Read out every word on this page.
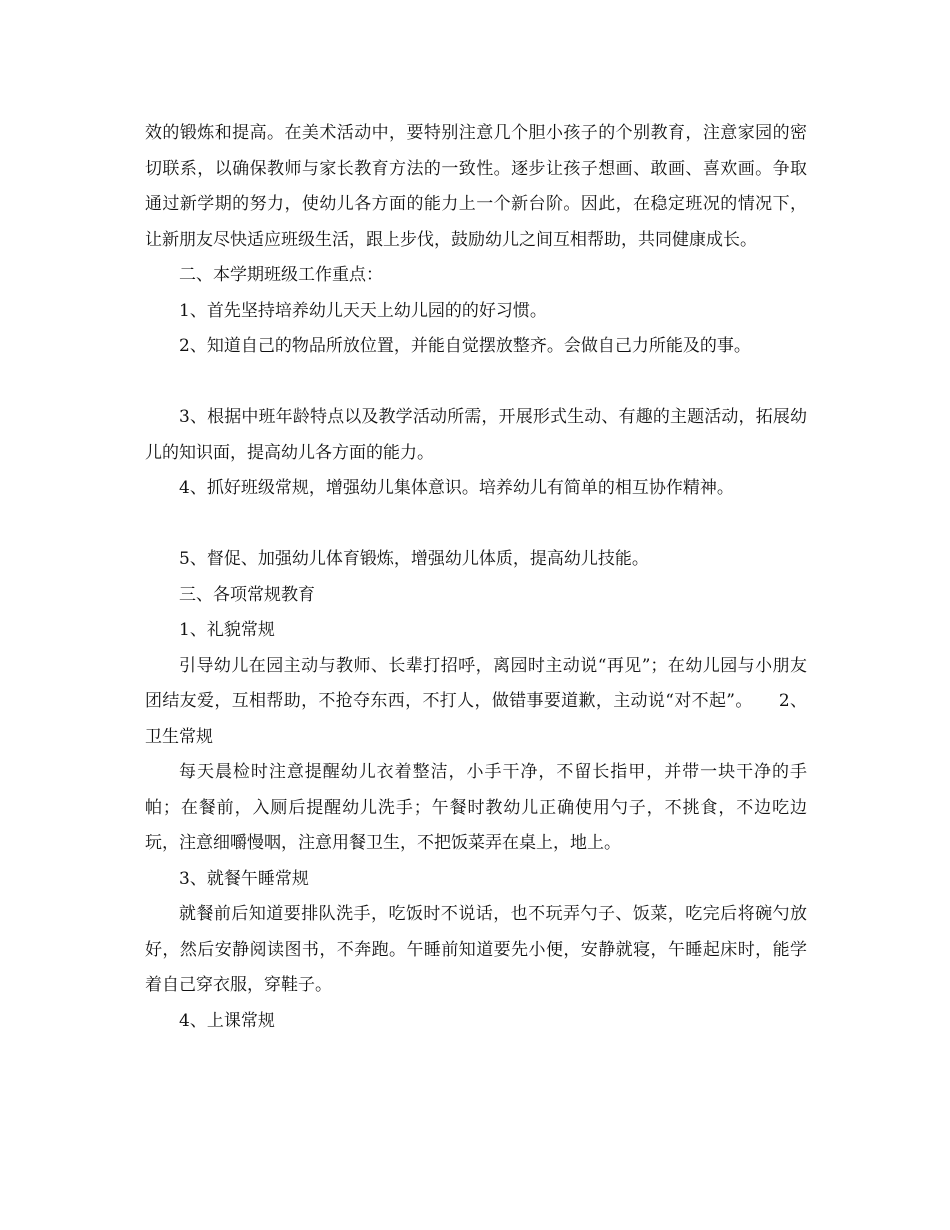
效的锻炼和提高。在美术活动中，要特别注意几个胆小孩子的个别教育，注意家园的密切联系，以确保教师与家长教育方法的一致性。逐步让孩子想画、敢画、喜欢画。争取通过新学期的努力，使幼儿各方面的能力上一个新台阶。因此，在稳定班况的情况下，让新朋友尽快适应班级生活，跟上步伐，鼓励幼儿之间互相帮助，共同健康成长。

二、本学期班级工作重点：

1、首先坚持培养幼儿天天上幼儿园的的好习惯。

2、知道自己的物品所放位置，并能自觉摆放整齐。会做自己力所能及的事。

3、根据中班年龄特点以及教学活动所需，开展形式生动、有趣的主题活动，拓展幼儿的知识面，提高幼儿各方面的能力。

4、抓好班级常规，增强幼儿集体意识。培养幼儿有简单的相互协作精神。

5、督促、加强幼儿体育锻炼，增强幼儿体质，提高幼儿技能。

三、各项常规教育

1、礼貌常规

引导幼儿在园主动与教师、长辈打招呼，离园时主动说“再见”；在幼儿园与小朋友团结友爱，互相帮助，不抢夺东西，不打人，做错事要道歉，主动说“对不起”。　　2、卫生常规

每天晨检时注意提醒幼儿衣着整洁，小手干净，不留长指甲，并带一块干净的手帕；在餐前，入厕后提醒幼儿洗手；午餐时教幼儿正确使用勺子，不挑食，不边吃边玩，注意细嚼慢咽，注意用餐卫生，不把饭菜弄在桌上，地上。

3、就餐午睡常规

就餐前后知道要排队洗手，吃饭时不说话，也不玩弄勺子、饭菜，吃完后将碗勺放好，然后安静阅读图书，不奔跑。午睡前知道要先小便，安静就寝，午睡起床时，能学着自己穿衣服，穿鞋子。

4、上课常规
